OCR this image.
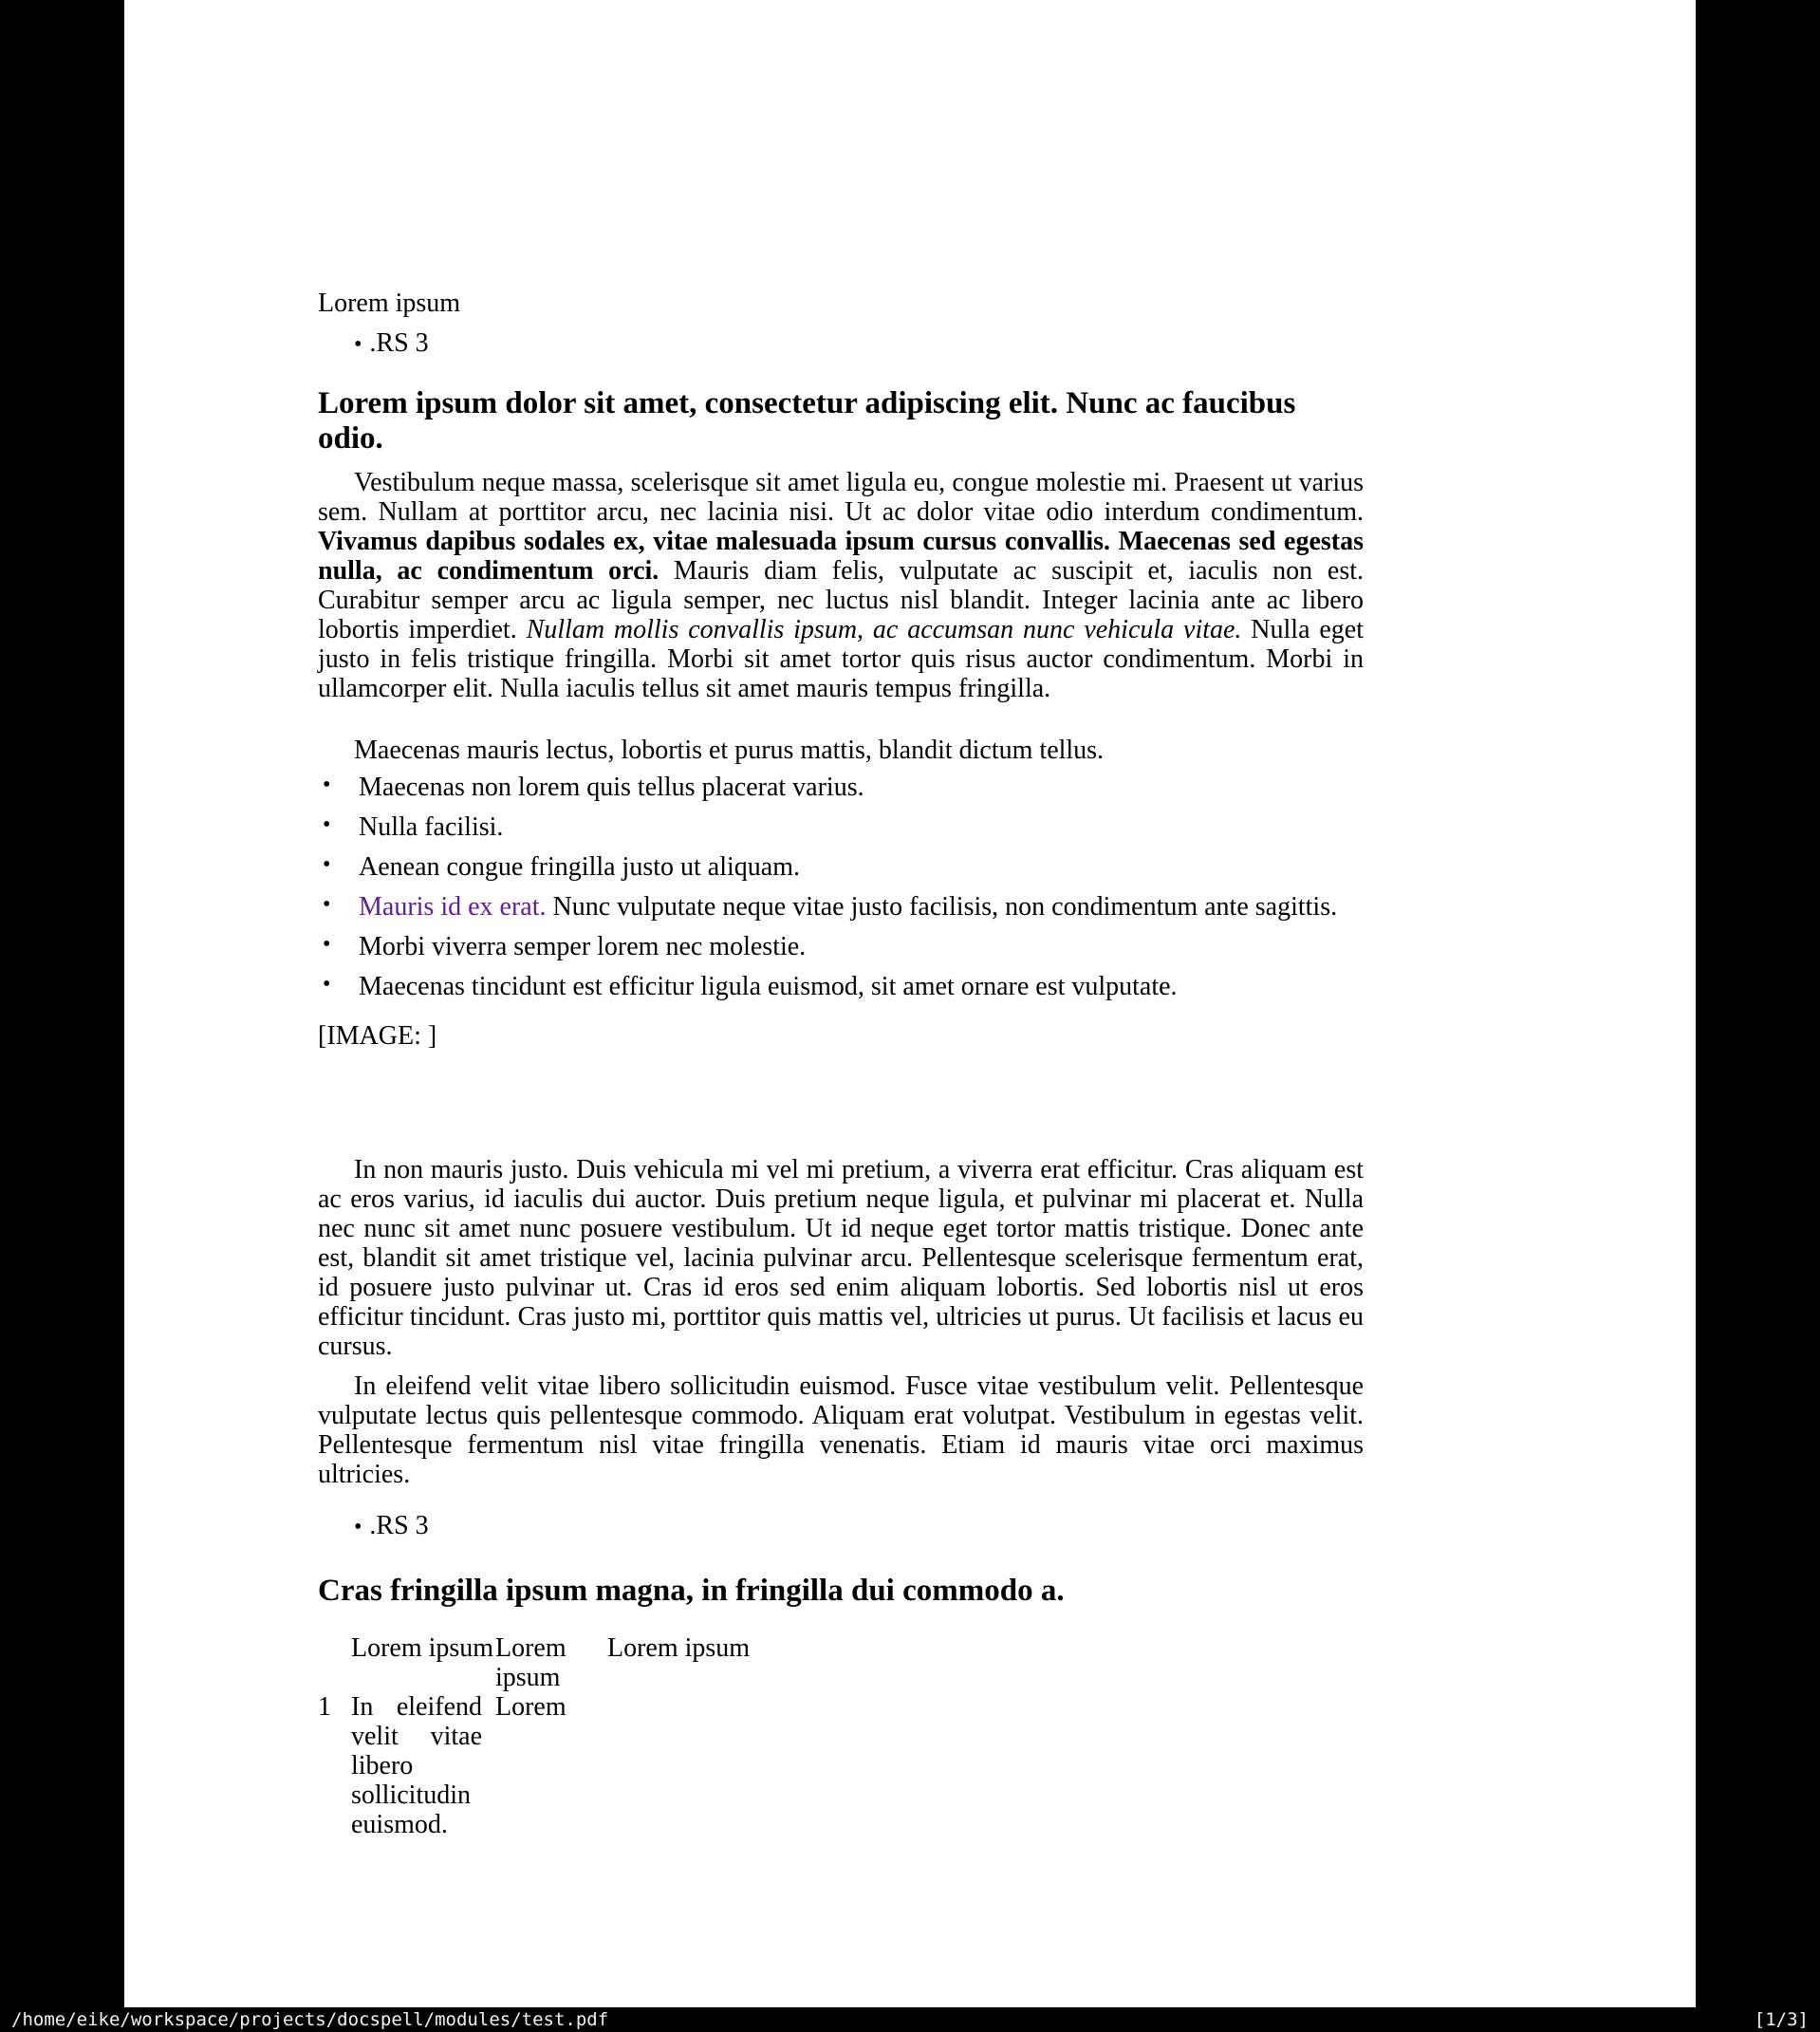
Lorem ipsum
• .RS 3
Lorem ipsum dolor sit amet, consectetur adipiscing elit. Nunc ac faucibus odio.

Vestibulum neque massa, scelerisque sit amet ligula eu, congue molestie mi. Praesent ut varius sem. Nullam at porttitor arcu, nec lacinia nisi. Ut ac dolor vitae odio interdum condimentum. Vivamus dapibus sodales ex, vitae malesuada ipsum cursus convallis. Maecenas sed egestas nulla, ac condimentum orci. Mauris diam felis, vulputate ac suscipit et, iaculis non est. Curabitur semper arcu ac ligula semper, nec luctus nisl blandit. Integer lacinia ante ac libero lobortis imperdiet. Nullam mollis convallis ipsum, ac accumsan nunc vehicula vitae. Nulla eget justo in felis tristique fringilla. Morbi sit amet tortor quis risus auctor condimentum. Morbi in ullamcorper elit. Nulla iaculis tellus sit amet mauris tempus fringilla.

Maecenas mauris lectus, lobortis et purus mattis, blandit dictum tellus.

• Maecenas non lorem quis tellus placerat varius.
• Nulla facilisi.
• Aenean congue fringilla justo ut aliquam.
• Mauris id ex erat. Nunc vulputate neque vitae justo facilisis, non condimentum ante sagittis.
• Morbi viverra semper lorem nec molestie.
• Maecenas tincidunt est efficitur ligula euismod, sit amet ornare est vulputate.
[IMAGE: ]

In non mauris justo. Duis vehicula mi vel mi pretium, a viverra erat efficitur. Cras aliquam est ac eros varius, id iaculis dui auctor. Duis pretium neque ligula, et pulvinar mi placerat et. Nulla nec nunc sit amet nunc posuere vestibulum. Ut id neque eget tortor mattis tristique. Donec ante est, blandit sit amet tristique vel, lacinia pulvinar arcu. Pellentesque scelerisque fermentum erat, id posuere justo pulvinar ut. Cras id eros sed enim aliquam lobortis. Sed lobortis nisl ut eros efficitur tincidunt. Cras justo mi, porttitor quis mattis vel, ultricies ut purus. Ut facilisis et lacus eu cursus.

In eleifend velit vitae libero sollicitudin euismod. Fusce vitae vestibulum velit. Pellentesque vulputate lectus quis pellentesque commodo. Aliquam erat volutpat. Vestibulum in egestas velit. Pellentesque fermentum nisl vitae fringilla venenatis. Etiam id mauris vitae orci maximus ultricies.

• .RS 3
Cras fringilla ipsum magna, in fringilla dui commodo a.
Lorem ipsum Lorem ipsum
Lorem ipsum
1 In eleifend velit vitae libero sollicitudin euismod.
Lorem
/home/eike/workspace/projects/docspell/modules/test.pdf	[1/3]
